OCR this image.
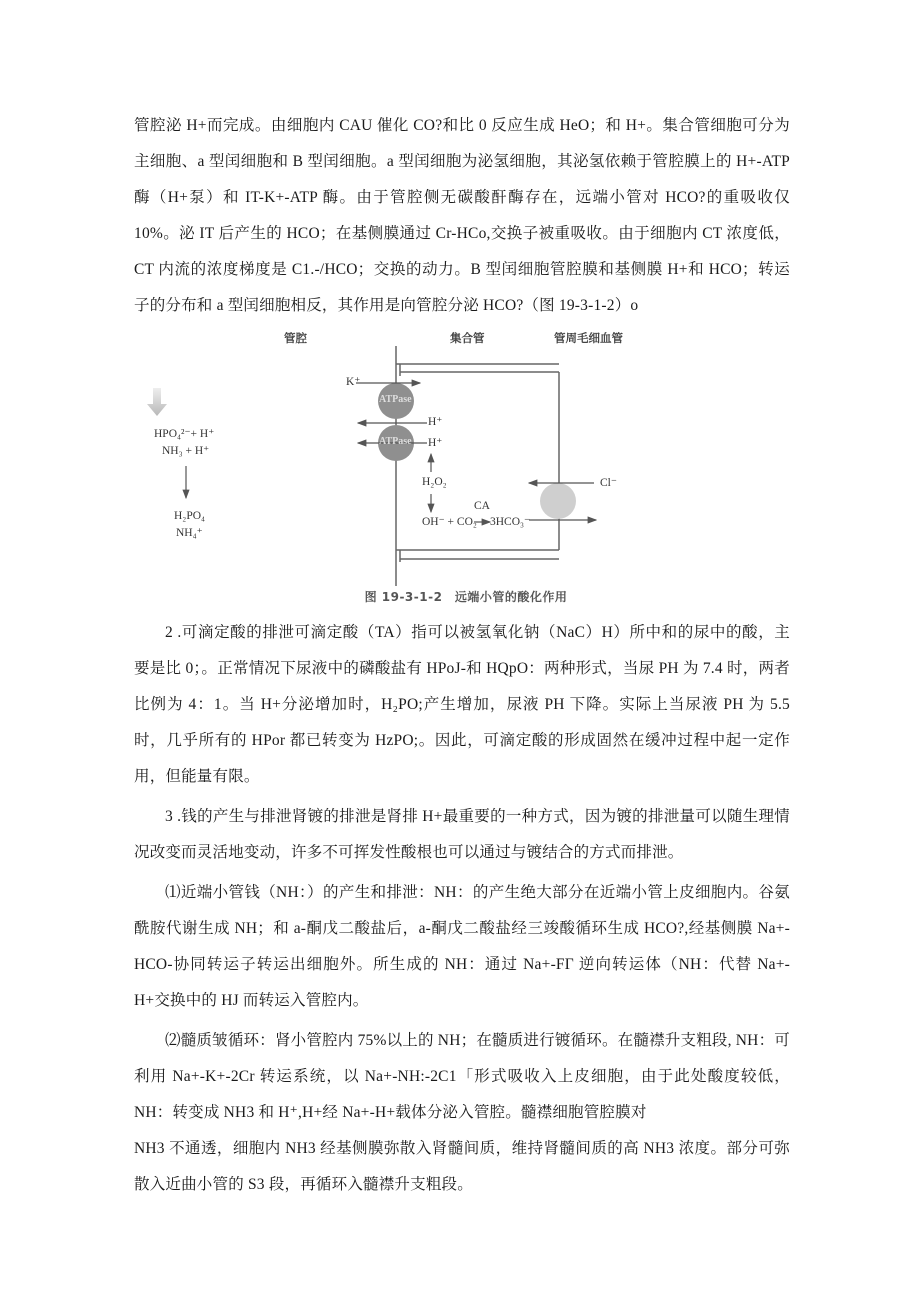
管腔泌 H+而完成。由细胞内 CAU 催化 CO?和比 0 反应生成 HeO；和 H+。集合管细胞可分为主细胞、a 型闰细胞和 B 型闰细胞。a 型闰细胞为泌氢细胞，其泌氢依赖于管腔膜上的 H+-ATP 酶（H+泵）和 IT-K+-ATP 酶。由于管腔侧无碳酸酐酶存在，远端小管对 HCO?的重吸收仅 10%。泌 IT 后产生的 HCO；在基侧膜通过 Cr-HCo,交换子被重吸收。由于细胞内 CT 浓度低，CT 内流的浓度梯度是 C1.-/HCO；交换的动力。B 型闰细胞管腔膜和基侧膜 H+和 HCO；转运子的分布和 a 型闰细胞相反，其作用是向管腔分泌 HCO?（图 19-3-1-2）o

管腔	集合管	管周毛细血管
K⁺
ATPase
H⁺
ATPase H⁺
HPO₄²⁻+ H⁺
NH₃ + H⁺
H₂PO₄
NH₄⁺
H₂O₂
CA
OH⁻ + CO₂ 3HCO₃⁻
Cl⁻
图 19-3-1-2　远端小管的酸化作用

2 .可滴定酸的排泄可滴定酸（TA）指可以被氢氧化钠（NaC）H）所中和的尿中的酸，主要是比 0；。正常情况下尿液中的磷酸盐有 HPoJ-和 HQpO：两种形式，当尿 PH 为 7.4 时，两者比例为 4：1。当 H+分泌增加时，H₂PO;产生增加，尿液 PH 下降。实际上当尿液 PH 为 5.5 时，几乎所有的 HPor 都已转变为 HzPO;。因此，可滴定酸的形成固然在缓冲过程中起一定作用，但能量有限。

3 .钱的产生与排泄肾镀的排泄是肾排 H+最重要的一种方式，因为镀的排泄量可以随生理情况改变而灵活地变动，许多不可挥发性酸根也可以通过与镀结合的方式而排泄。

⑴近端小管钱（NH：）的产生和排泄：NH：的产生绝大部分在近端小管上皮细胞内。谷氨酰胺代谢生成 NH；和 a-酮戊二酸盐后，a-酮戊二酸盐经三竣酸循环生成 HCO?,经基侧膜 Na+-HCO-协同转运子转运出细胞外。所生成的 NH：通过 Na+-FΓ 逆向转运体（NH：代替 Na+-H+交换中的 HJ 而转运入管腔内。

⑵髓质皱循环：肾小管腔内 75%以上的 NH；在髓质进行镀循环。在髓襟升支粗段, NH：可利用 Na+-K+-2Cr 转运系统，以 Na+-NH:-2C1「形式吸收入上皮细胞，由于此处酸度较低，NH：转变成 NH3 和 H⁺,H+经 Na+-H+载体分泌入管腔。髓襟细胞管腔膜对

NH3 不通透，细胞内 NH3 经基侧膜弥散入肾髓间质，维持肾髓间质的高 NH3 浓度。部分可弥散入近曲小管的 S3 段，再循环入髓襟升支粗段。
